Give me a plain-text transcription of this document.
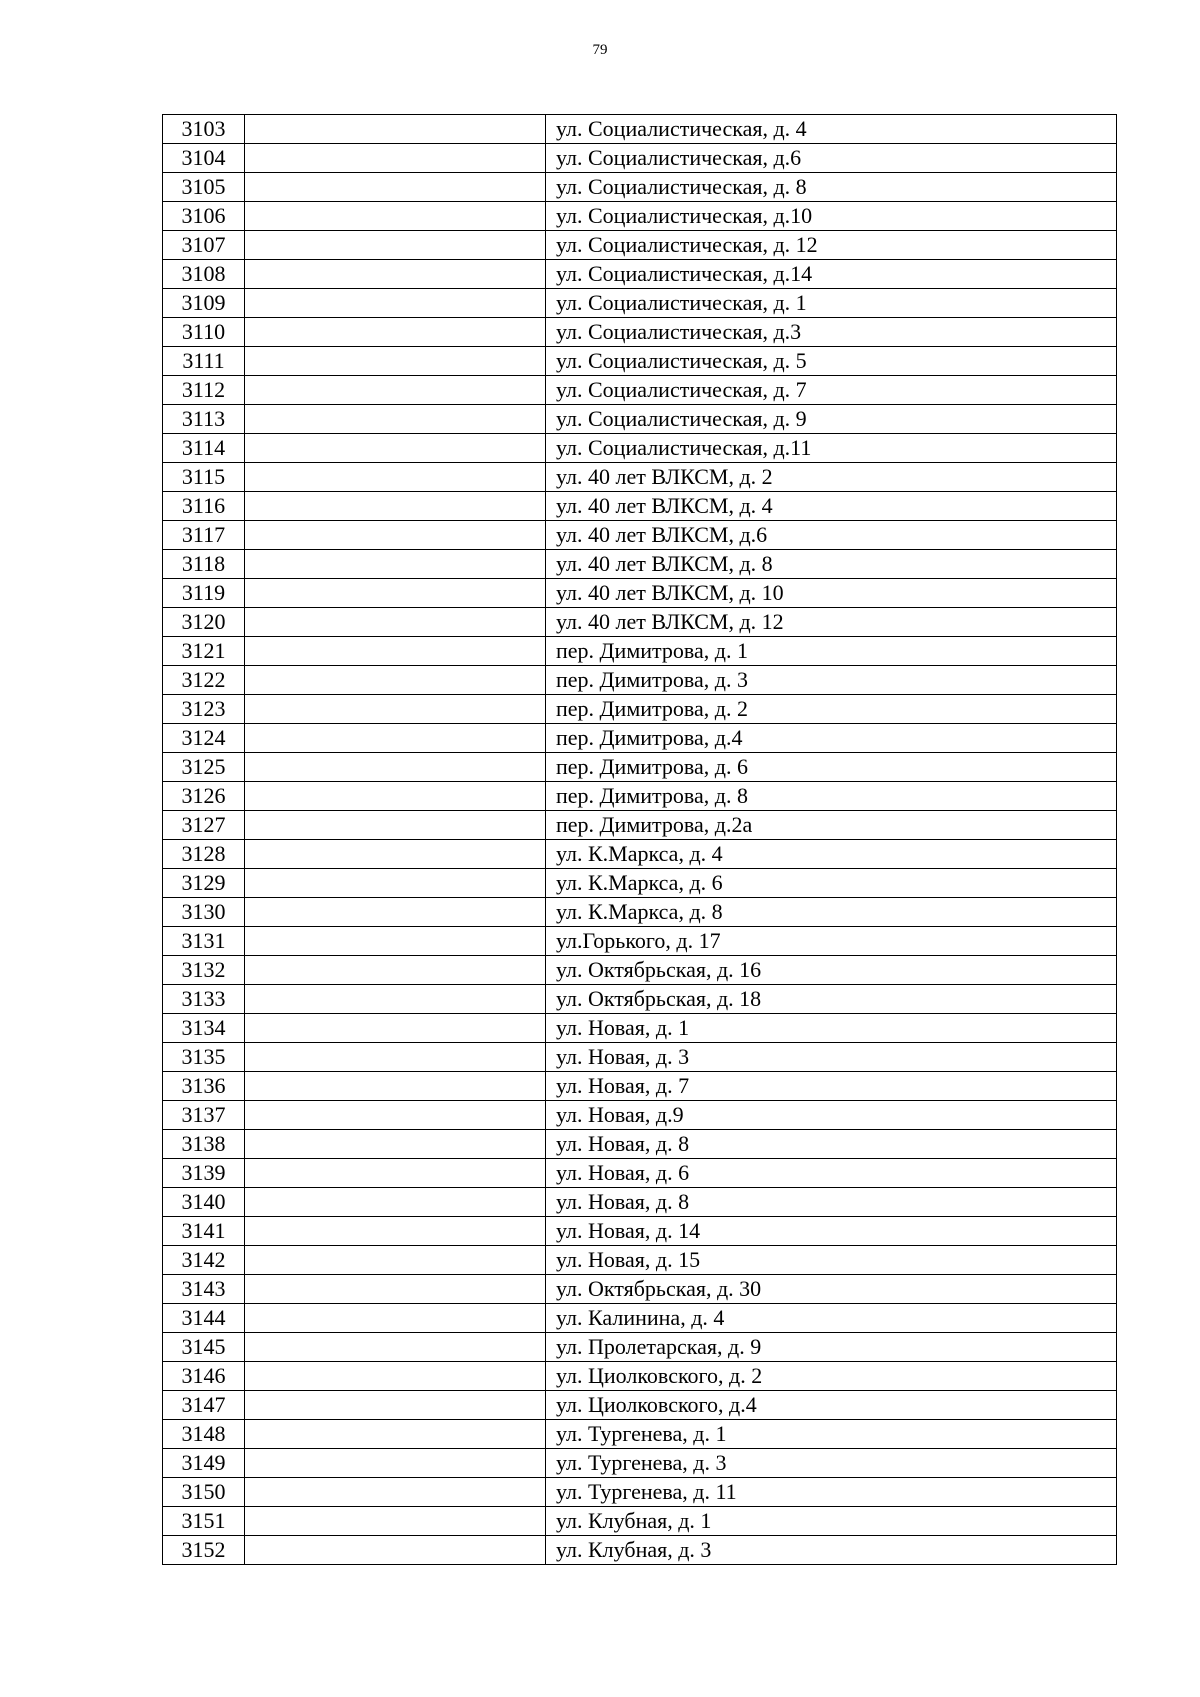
79
3103		ул. Социалистическая, д. 4
3104		ул. Социалистическая, д.6
3105		ул. Социалистическая, д. 8
3106		ул. Социалистическая, д.10
3107		ул. Социалистическая, д. 12
3108		ул. Социалистическая, д.14
3109		ул. Социалистическая, д. 1
3110		ул. Социалистическая, д.3
3111		ул. Социалистическая, д. 5
3112		ул. Социалистическая, д. 7
3113		ул. Социалистическая, д. 9
3114		ул. Социалистическая, д.11
3115		ул. 40 лет ВЛКСМ, д. 2
3116		ул. 40 лет ВЛКСМ, д. 4
3117		ул. 40 лет ВЛКСМ, д.6
3118		ул. 40 лет ВЛКСМ, д. 8
3119		ул. 40 лет ВЛКСМ, д. 10
3120		ул. 40 лет ВЛКСМ, д. 12
3121		пер. Димитрова, д. 1
3122		пер. Димитрова, д. 3
3123		пер. Димитрова, д. 2
3124		пер. Димитрова, д.4
3125		пер. Димитрова, д. 6
3126		пер. Димитрова, д. 8
3127		пер. Димитрова, д.2а
3128		ул. К.Маркса, д. 4
3129		ул. К.Маркса, д. 6
3130		ул. К.Маркса, д. 8
3131		ул.Горького, д. 17
3132		ул. Октябрьская, д. 16
3133		ул. Октябрьская, д. 18
3134		ул. Новая, д. 1
3135		ул. Новая, д. 3
3136		ул. Новая, д. 7
3137		ул. Новая, д.9
3138		ул. Новая, д. 8
3139		ул. Новая, д. 6
3140		ул. Новая, д. 8
3141		ул. Новая, д. 14
3142		ул. Новая, д. 15
3143		ул. Октябрьская, д. 30
3144		ул. Калинина, д. 4
3145		ул. Пролетарская, д. 9
3146		ул. Циолковского, д. 2
3147		ул. Циолковского, д.4
3148		ул. Тургенева, д. 1
3149		ул. Тургенева, д. 3
3150		ул. Тургенева, д. 11
3151		ул. Клубная, д. 1
3152		ул. Клубная, д. 3
